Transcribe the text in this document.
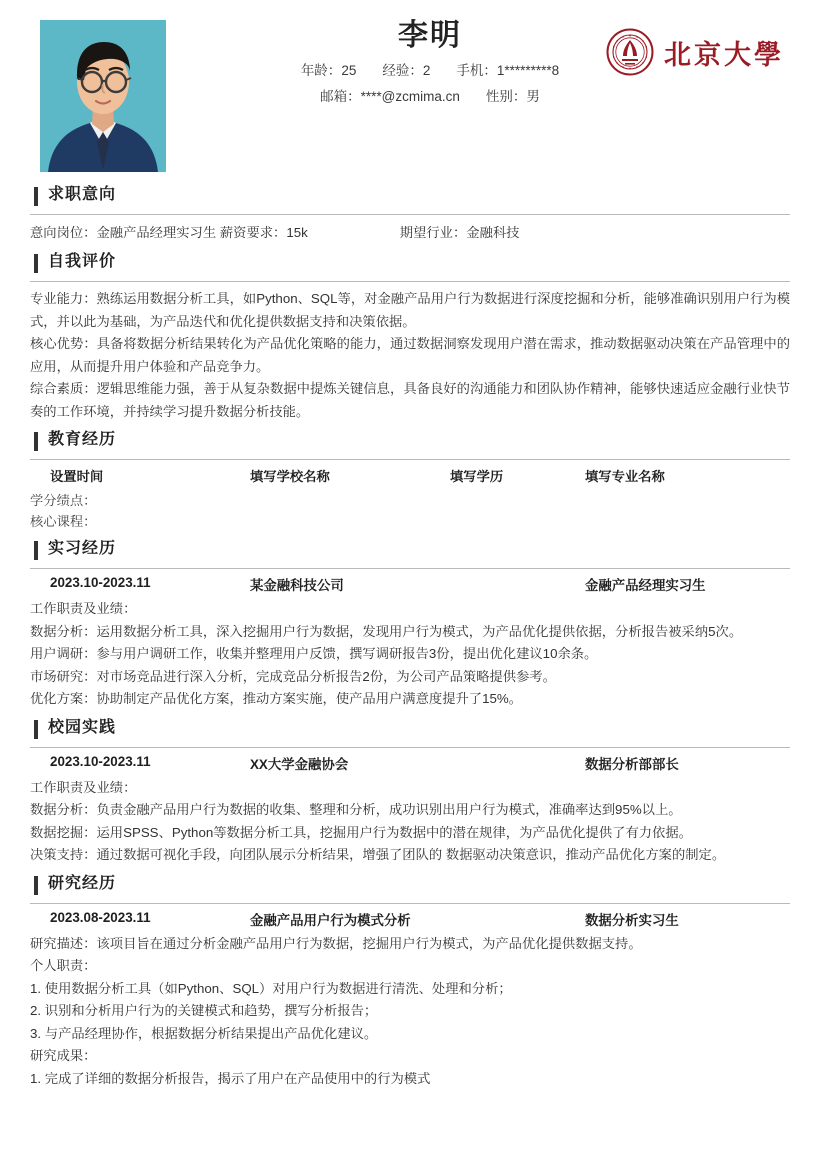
李明
年龄：25 经验：2 手机：1*********8
邮箱：****@zcmima.cn 性别：男
北京大學
求职意向
意向岗位：金融产品经理实习生 薪资要求：15k	期望行业：金融科技
自我评价

专业能力：熟练运用数据分析工具，如Python、SQL等，对金融产品用户行为数据进行深度挖掘和分析，能够准确识别用户行为模式，并以此为基础，为产品迭代和优化提供数据支持和决策依据。

核心优势：具备将数据分析结果转化为产品优化策略的能力，通过数据洞察发现用户潜在需求，推动数据驱动决策在产品管理中的应用，从而提升用户体验和产品竞争力。

综合素质：逻辑思维能力强，善于从复杂数据中提炼关键信息，具备良好的沟通能力和团队协作精神，能够快速适应金融行业快节奏的工作环境，并持续学习提升数据分析技能。

教育经历
设置时间	填写学校名称	填写学历	填写专业名称

学分绩点：

核心课程：

实习经历
2023.10-2023.11	某金融科技公司	金融产品经理实习生

工作职责及业绩：

数据分析：运用数据分析工具，深入挖掘用户行为数据，发现用户行为模式，为产品优化提供依据，分析报告被采纳5次。

用户调研：参与用户调研工作，收集并整理用户反馈，撰写调研报告3份，提出优化建议10余条。

市场研究：对市场竞品进行深入分析，完成竞品分析报告2份，为公司产品策略提供参考。

优化方案：协助制定产品优化方案，推动方案实施，使产品用户满意度提升了15%。

校园实践
2023.10-2023.11	XX大学金融协会	数据分析部部长

工作职责及业绩：

数据分析：负责金融产品用户行为数据的收集、整理和分析，成功识别出用户行为模式，准确率达到95%以上。

数据挖掘：运用SPSS、Python等数据分析工具，挖掘用户行为数据中的潜在规律，为产品优化提供了有力依据。

决策支持：通过数据可视化手段，向团队展示分析结果，增强了团队的 数据驱动决策意识，推动产品优化方案的制定。

研究经历
2023.08-2023.11	金融产品用户行为模式分析	数据分析实习生

研究描述：该项目旨在通过分析金融产品用户行为数据，挖掘用户行为模式，为产品优化提供数据支持。

个人职责：

1. 使用数据分析工具（如Python、SQL）对用户行为数据进行清洗、处理和分析；

2. 识别和分析用户行为的关键模式和趋势，撰写分析报告；

3. 与产品经理协作，根据数据分析结果提出产品优化建议。

研究成果：

1. 完成了详细的数据分析报告，揭示了用户在产品使用中的行为模式
